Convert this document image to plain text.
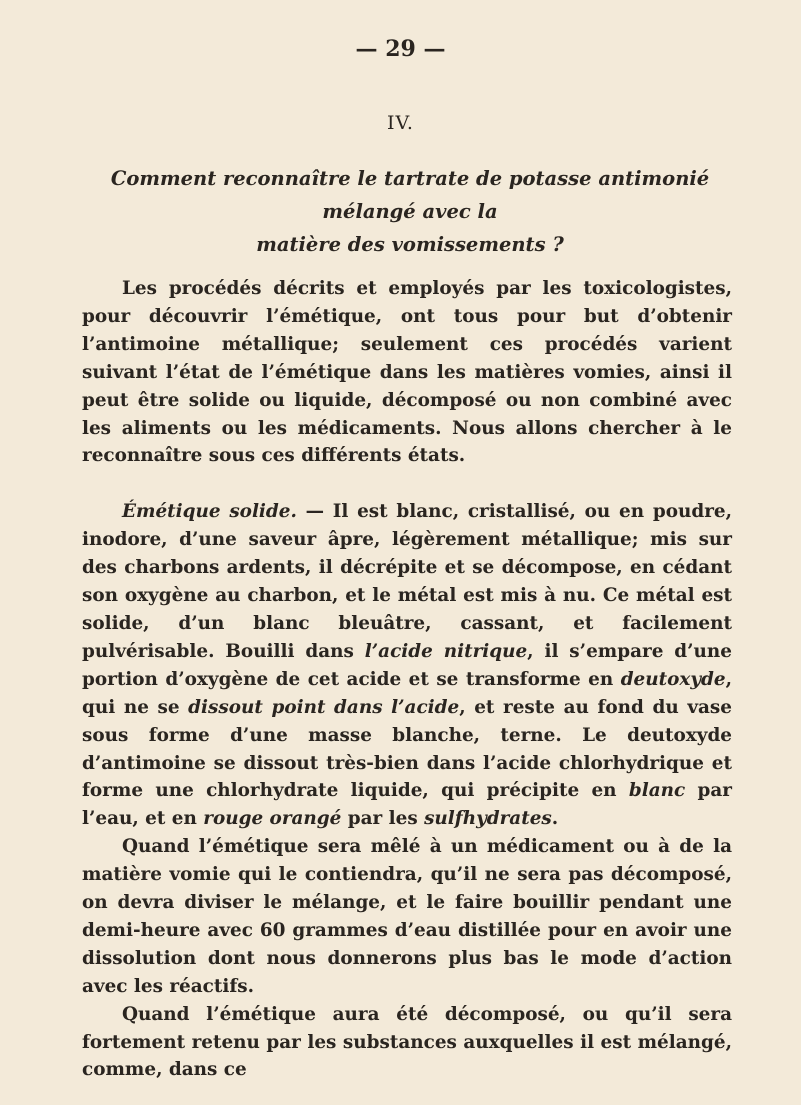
— 29 —
IV.
Comment reconnaître le tartrate de potasse antimonié mélangé avec la
matière des vomissements ?

Les procédés décrits et employés par les toxicologistes, pour découvrir l’émétique, ont tous pour but d’obtenir l’antimoine métallique; seulement ces procédés varient suivant l’état de l’émétique dans les matières vomies, ainsi il peut être solide ou liquide, décomposé ou non combiné avec les aliments ou les médicaments. Nous allons chercher à le reconnaître sous ces différents états.

Émétique solide. — Il est blanc, cristallisé, ou en poudre, inodore, d’une saveur âpre, légèrement métallique; mis sur des charbons ardents, il décrépite et se décompose, en cédant son oxygène au charbon, et le métal est mis à nu. Ce métal est solide, d’un blanc bleuâtre, cassant, et facilement pulvérisable. Bouilli dans l’acide nitrique, il s’empare d’une portion d’oxygène de cet acide et se transforme en deutoxyde, qui ne se dissout point dans l’acide, et reste au fond du vase sous forme d’une masse blanche, terne. Le deutoxyde d’antimoine se dissout très-bien dans l’acide chlorhydrique et forme une chlorhydrate liquide, qui précipite en blanc par l’eau, et en rouge orangé par les sulfhydrates.

Quand l’émétique sera mêlé à un médicament ou à de la matière vomie qui le contiendra, qu’il ne sera pas décomposé, on devra diviser le mélange, et le faire bouillir pendant une demi-heure avec 60 grammes d’eau distillée pour en avoir une dissolution dont nous donnerons plus bas le mode d’action avec les réactifs.

Quand l’émétique aura été décomposé, ou qu’il sera fortement retenu par les substances auxquelles il est mélangé, comme, dans ce
